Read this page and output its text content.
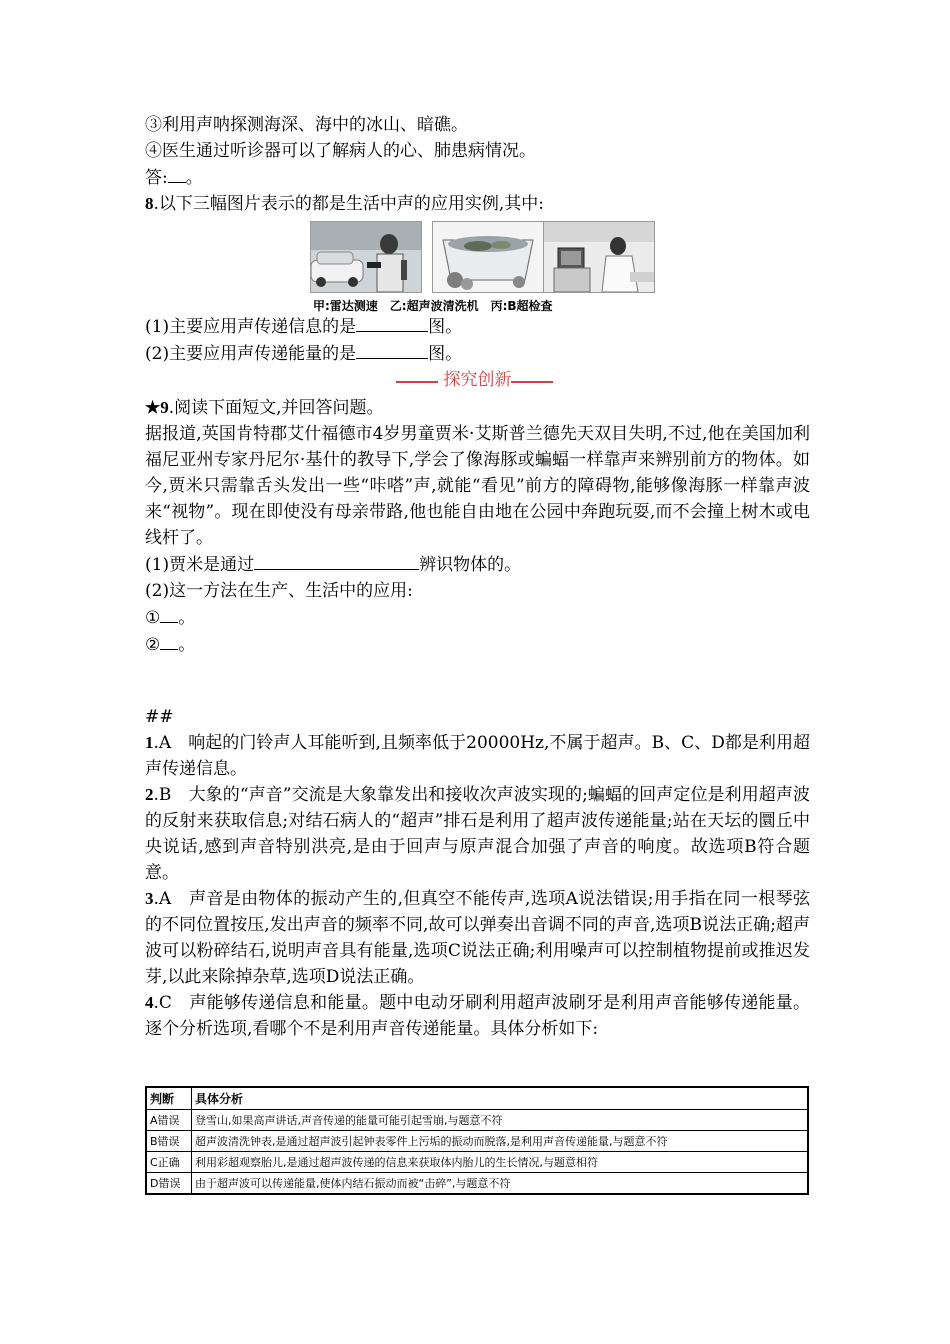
③利用声呐探测海深、海中的冰山、暗礁。
④医生通过听诊器可以了解病人的心、肺患病情况。
答: 。
8.以下三幅图片表示的都是生活中声的应用实例,其中:
甲:雷达测速　乙:超声波清洗机　丙:B超检查
(1)主要应用声传递信息的是	图。
(2)主要应用声传递能量的是	图。
探究创新
★9.阅读下面短文,并回答问题。
据报道,英国肯特郡艾什福德市4岁男童贾米·艾斯普兰德先天双目失明,不过,他在美国加利福尼亚州专家丹尼尔·基什的教导下,学会了像海豚或蝙蝠一样靠声来辨别前方的物体。如今,贾米只需靠舌头发出一些“咔嗒”声,就能“看见”前方的障碍物,能够像海豚一样靠声波来“视物”。现在即使没有母亲带路,他也能自由地在公园中奔跑玩耍,而不会撞上树木或电线杆了。
(1)贾米是通过	辨识物体的。
(2)这一方法在生产、生活中的应用:
① 。
② 。
##
1.A　响起的门铃声人耳能听到,且频率低于20000Hz,不属于超声。B、C、D都是利用超声传递信息。
2.B　大象的“声音”交流是大象靠发出和接收次声波实现的;蝙蝠的回声定位是利用超声波的反射来获取信息;对结石病人的“超声”排石是利用了超声波传递能量;站在天坛的圜丘中央说话,感到声音特别洪亮,是由于回声与原声混合加强了声音的响度。故选项B符合题意。
3.A　声音是由物体的振动产生的,但真空不能传声,选项A说法错误;用手指在同一根琴弦的不同位置按压,发出声音的频率不同,故可以弹奏出音调不同的声音,选项B说法正确;超声波可以粉碎结石,说明声音具有能量,选项C说法正确;利用噪声可以控制植物提前或推迟发芽,以此来除掉杂草,选项D说法正确。
4.C　声能够传递信息和能量。题中电动牙刷利用超声波刷牙是利用声音能够传递能量。逐个分析选项,看哪个不是利用声音传递能量。具体分析如下:
判断	具体分析
A错误	登雪山,如果高声讲话,声音传递的能量可能引起雪崩,与题意不符
B错误	超声波清洗钟表,是通过超声波引起钟表零件上污垢的振动而脱落,是利用声音传递能量,与题意不符
C正确	利用彩超观察胎儿,是通过超声波传递的信息来获取体内胎儿的生长情况,与题意相符
D错误	由于超声波可以传递能量,使体内结石振动而被“击碎”,与题意不符
